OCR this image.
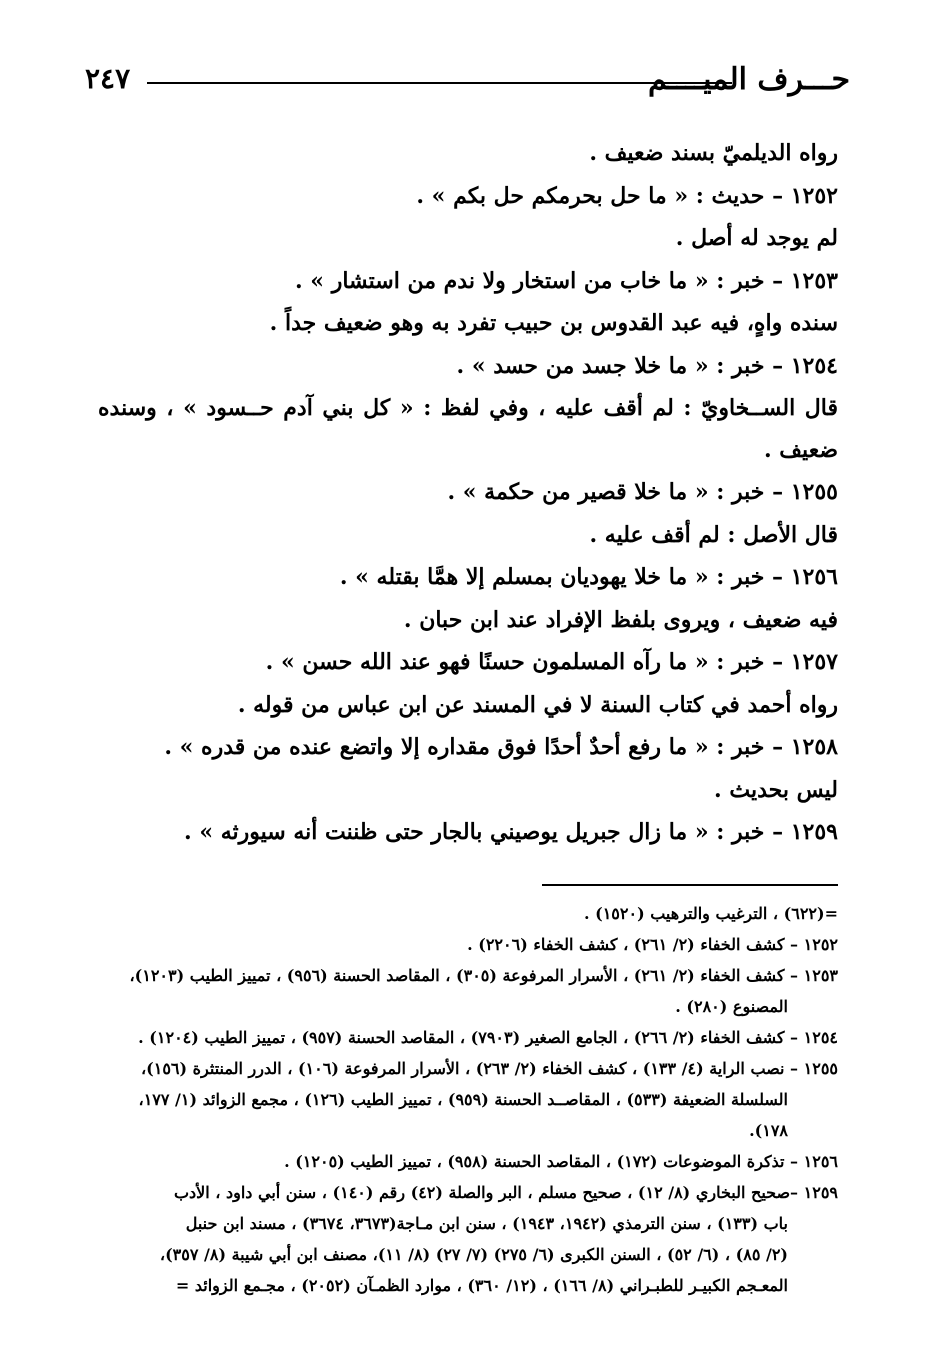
حـــرف الميــــم
٢٤٧
رواه الديلميّ بسند ضعيف .
١٢٥٢ – حديث : « ما حل بحرمكم حل بكم » .
لم يوجد له أصل .
١٢٥٣ – خبر : « ما خاب من استخار ولا ندم من استشار » .
سنده واهٍ، فيه عبد القدوس بن حبيب تفرد به وهو ضعيف جداً .
١٢٥٤ – خبر : « ما خلا جسد من حسد » .
قال الســخاويّ : لم أقف عليه ، وفي لفظ : « كل بني آدم حــسود » ، وسنده ضعيف .
١٢٥٥ – خبر : « ما خلا قصير من حكمة » .
قال الأصل : لم أقف عليه .
١٢٥٦ – خبر : « ما خلا يهوديان بمسلم إلا همَّا بقتله » .
فيه ضعيف ، ويروى بلفظ الإفراد عند ابن حبان .
١٢٥٧ – خبر : « ما رآه المسلمون حسنًا فهو عند الله حسن » .
رواه أحمد في كتاب السنة لا في المسند عن ابن عباس من قوله .
١٢٥٨ – خبر : « ما رفع أحدٌ أحدًا فوق مقداره إلا واتضع عنده من قدره » .
ليس بحديث .
١٢٥٩ – خبر : « ما زال جبريل يوصيني بالجار حتى ظننت أنه سيورثه » .
=(٦٢٢) ، الترغيب والترهيب (١٥٢٠) .
١٢٥٢ – كشف الخفاء (٢/ ٢٦١) ، كشف الخفاء (٢٢٠٦) .
١٢٥٣ – كشف الخفاء (٢/ ٢٦١) ، الأسرار المرفوعة (٣٠٥) ، المقاصد الحسنة (٩٥٦) ، تمييز الطيب (١٢٠٣)،
المصنوع (٢٨٠) .
١٢٥٤ – كشف الخفاء (٢/ ٢٦٦) ، الجامع الصغير (٧٩٠٣) ، المقاصد الحسنة (٩٥٧) ، تمييز الطيب (١٢٠٤) .
١٢٥٥ – نصب الراية (٤/ ١٣٣) ، كشف الخفاء (٢/ ٢٦٣) ، الأسرار المرفوعة (١٠٦) ، الدرر المنتثرة (١٥٦)،
السلسلة الضعيفة (٥٣٣) ، المقاصــد الحسنة (٩٥٩) ، تمييز الطيب (١٢٦) ، مجمع الزوائد (١/ ١٧٧،
١٧٨).
١٢٥٦ – تذكرة الموضوعات (١٧٢) ، المقاصد الحسنة (٩٥٨) ، تمييز الطيب (١٢٠٥) .
١٢٥٩ –صحيح البخاري (٨/ ١٢) ، صحيح مسلم ، البر والصلة (٤٢) رقم (١٤٠) ، سنن أبي داود ، الأدب
باب (١٣٣) ، سنن الترمذي (١٩٤٢، ١٩٤٣) ، سنن ابن مـاجة(٣٦٧٣، ٣٦٧٤) ، مسند ابن حنبل
(٢/ ٨٥) ، (٦/ ٥٢) ، السنن الكبرى (٦/ ٢٧٥) (٧/ ٢٧) (٨/ ١١)، مصنف ابن أبي شيبة (٨/ ٣٥٧)،
المعـجم الكبيـر للطبـراني (٨/ ١٦٦) ، (١٢/ ٣٦٠) ، موارد الظمـآن (٢٠٥٢) ، مجـمع الزوائد =
